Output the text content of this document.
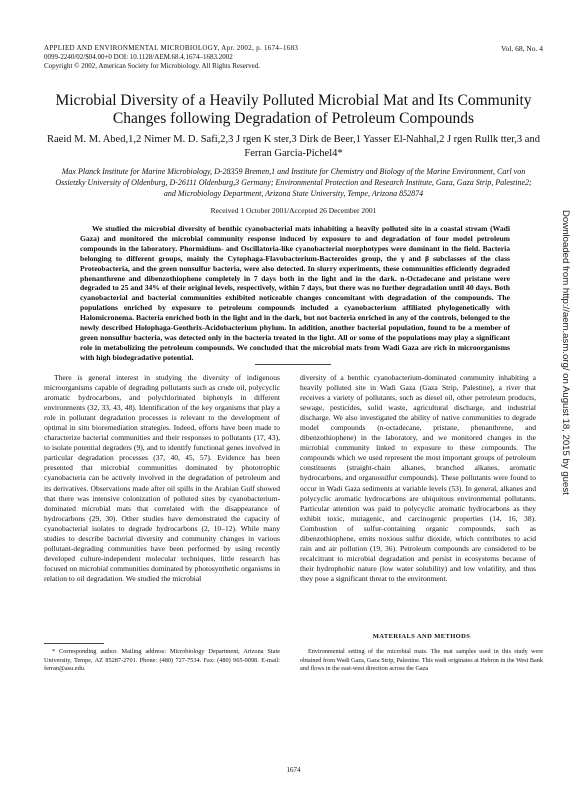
APPLIED AND ENVIRONMENTAL MICROBIOLOGY, Apr. 2002, p. 1674–1683
0099-2240/02/$04.00+0 DOI: 10.1128/AEM.68.4.1674–1683.2002
Copyright © 2002, American Society for Microbiology. All Rights Reserved.
Vol. 68, No. 4
Microbial Diversity of a Heavily Polluted Microbial Mat and Its Community Changes following Degradation of Petroleum Compounds
Raeid M. M. Abed,1,2 Nimer M. D. Safi,2,3 J rgen K ster,3 Dirk de Beer,1 Yasser El-Nahhal,2 J rgen Rullk tter,3 and Ferran Garcia-Pichel4*
Max Planck Institute for Marine Microbiology, D-28359 Bremen,1 and Institute for Chemistry and Biology of the Marine Environment, Carl von Ossietzky University of Oldenburg, D-26111 Oldenburg,3 Germany; Environmental Protection and Research Institute, Gaza, Gaza Strip, Palestine2; and Microbiology Department, Arizona State University, Tempe, Arizona 852874
Received 1 October 2001/Accepted 26 December 2001
We studied the microbial diversity of benthic cyanobacterial mats inhabiting a heavily polluted site in a coastal stream (Wadi Gaza) and monitored the microbial community response induced by exposure to and degradation of four model petroleum compounds in the laboratory. Phormidium- and Oscillatoria-like cyanobacterial morphotypes were dominant in the field. Bacteria belonging to different groups, mainly the Cytophaga-Flavobacterium-Bacteroides group, the γ and β subclasses of the class Proteobacteria, and the green nonsulfur bacteria, were also detected. In slurry experiments, these communities efficiently degraded phenanthrene and dibenzothiophene completely in 7 days both in the light and in the dark. n-Octadecane and pristane were degraded to 25 and 34% of their original levels, respectively, within 7 days, but there was no further degradation until 40 days. Both cyanobacterial and bacterial communities exhibited noticeable changes concomitant with degradation of the compounds. The populations enriched by exposure to petroleum compounds included a cyanobacterium affiliated phylogenetically with Halomicronema. Bacteria enriched both in the light and in the dark, but not bacteria enriched in any of the controls, belonged to the newly described Holophaga-Geothrix-Acidobacterium phylum. In addition, another bacterial population, found to be a member of green nonsulfur bacteria, was detected only in the bacteria treated in the light. All or some of the populations may play a significant role in metabolizing the petroleum compounds. We concluded that the microbial mats from Wadi Gaza are rich in microorganisms with high biodegradative potential.
There is general interest in studying the diversity of indigenous microorganisms capable of degrading pollutants such as crude oil, polycyclic aromatic hydrocarbons, and polychlorinated biphenyls in different environments (32, 33, 43, 48). Identification of the key organisms that play a role in pollutant degradation processes is relevant to the development of optimal in situ bioremediation strategies. Indeed, efforts have been made to characterize bacterial communities and their responses to pollutants (17, 43), to isolate potential degraders (9), and to identify functional genes involved in particular degradation processes (37, 40, 45, 57). Evidence has been presented that microbial communities dominated by phototrophic cyanobacteria can be actively involved in the degradation of petroleum and its derivatives. Observations made after oil spills in the Arabian Gulf showed that there was intensive colonization of polluted sites by cyanobacterium-dominated microbial mats that correlated with the disappearance of hydrocarbons (29, 30). Other studies have demonstrated the capacity of cyanobacterial isolates to degrade hydrocarbons (2, 10–12). While many studies to describe bacterial diversity and community changes in various pollutant-degrading communities have been performed by using recently developed culture-independent molecular techniques, little research has focused on microbial communities dominated by photosynthetic organisms in relation to oil degradation. We studied the microbial
diversity of a benthic cyanobacterium-dominated community inhabiting a heavily polluted site in Wadi Gaza (Gaza Strip, Palestine), a river that receives a variety of pollutants, such as diesel oil, other petroleum products, sewage, pesticides, solid waste, agricultural discharge, and industrial discharge. We also investigated the ability of native communities to degrade model compounds (n-octadecane, pristane, phenanthrene, and dibenzothiophene) in the laboratory, and we monitored changes in the microbial community linked to exposure to these compounds. The compounds which we used represent the most important groups of petroleum constituents (straight-chain alkanes, branched alkanes, aromatic hydrocarbons, and organosulfur compounds). These pollutants were found to occur in Wadi Gaza sediments at variable levels (53). In general, alkanes and polycyclic aromatic hydrocarbons are ubiquitous environmental pollutants. Particular attention was paid to polycyclic aromatic hydrocarbons as they exhibit toxic, mutagenic, and carcinogenic properties (14, 16, 38). Combustion of sulfur-containing organic compounds, such as dibenzothiophene, emits noxious sulfur dioxide, which contributes to acid rain and air pollution (19, 36). Petroleum compounds are considered to be recalcitrant to microbial degradation and persist in ecosystems because of their hydrophobic nature (low water solubility) and low volatility, and thus they pose a significant threat to the environment.
MATERIALS AND METHODS
Environmental setting of the microbial mats. The mat samples used in this study were obtained from Wadi Gaza, Gaza Strip, Palestine. This wadi originates at Hebron in the West Bank and flows in the east-west direction across the Gaza
* Corresponding author. Mailing address: Microbiology Department, Arizona State University, Tempe, AZ 85287-2701. Phone: (480) 727-7534. Fax: (480) 965-0098. E-mail: ferran@asu.edu.
1674
Downloaded from http://aem.asm.org/ on August 18, 2015 by guest
